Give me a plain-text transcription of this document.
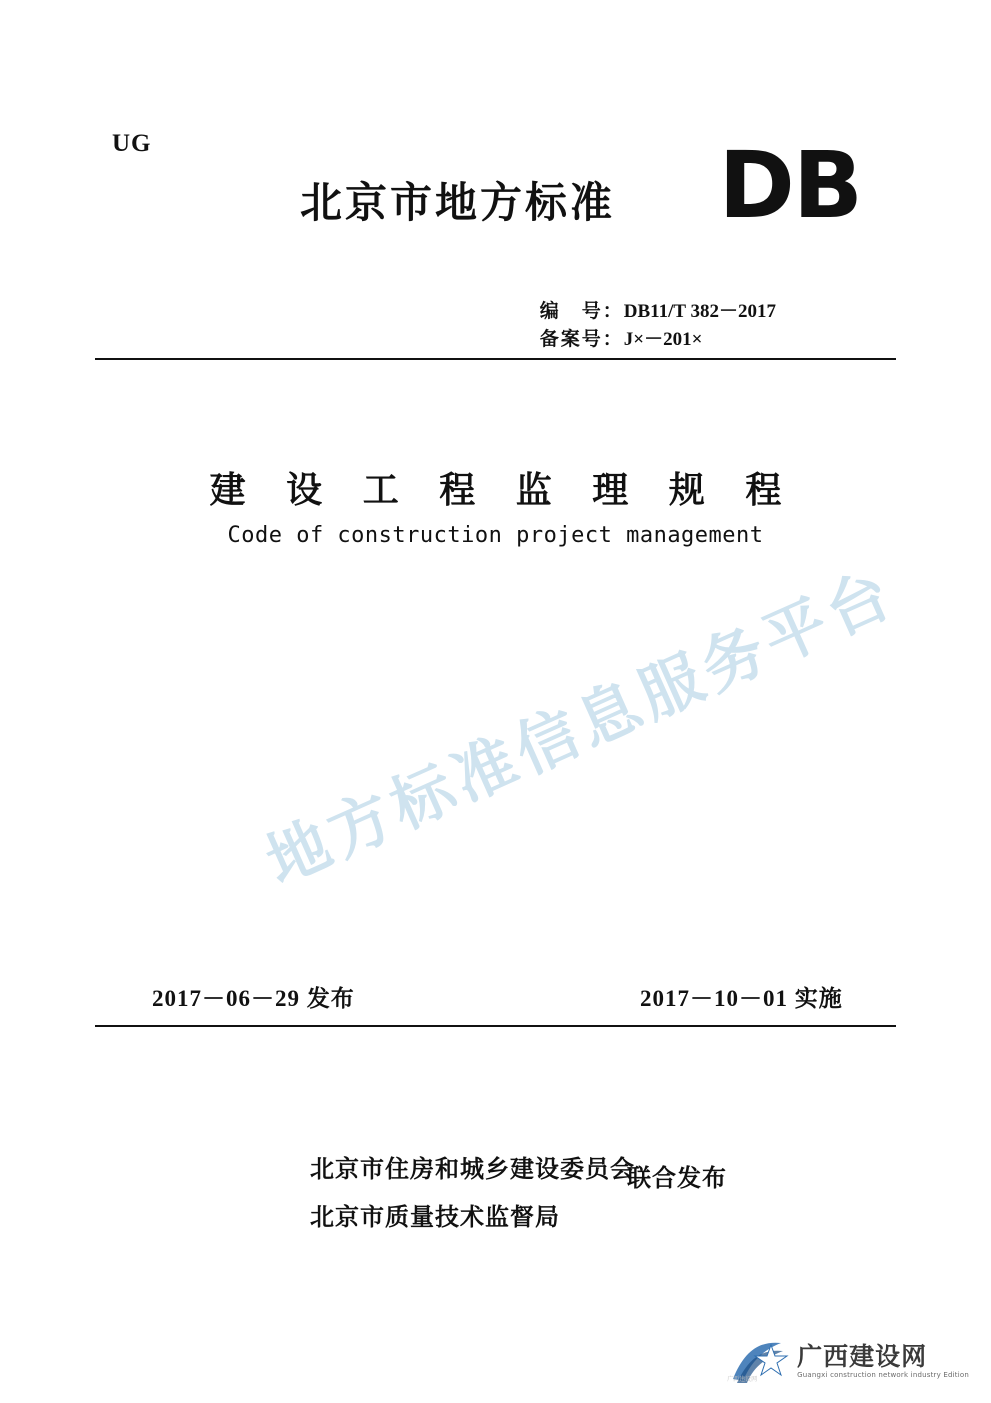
UG
北京市地方标准 DB
编　号：DB11/T 382－2017
备案号：J×－201×
建 设 工 程 监 理 规 程
Code of construction project management
地方标准信息服务平台
2017－06－29 发布	2017－10－01 实施
北京市住房和城乡建设委员会
北京市质量技术监督局
联合发布
广西建设网
广西建设网
Guangxi construction network industry Edition
